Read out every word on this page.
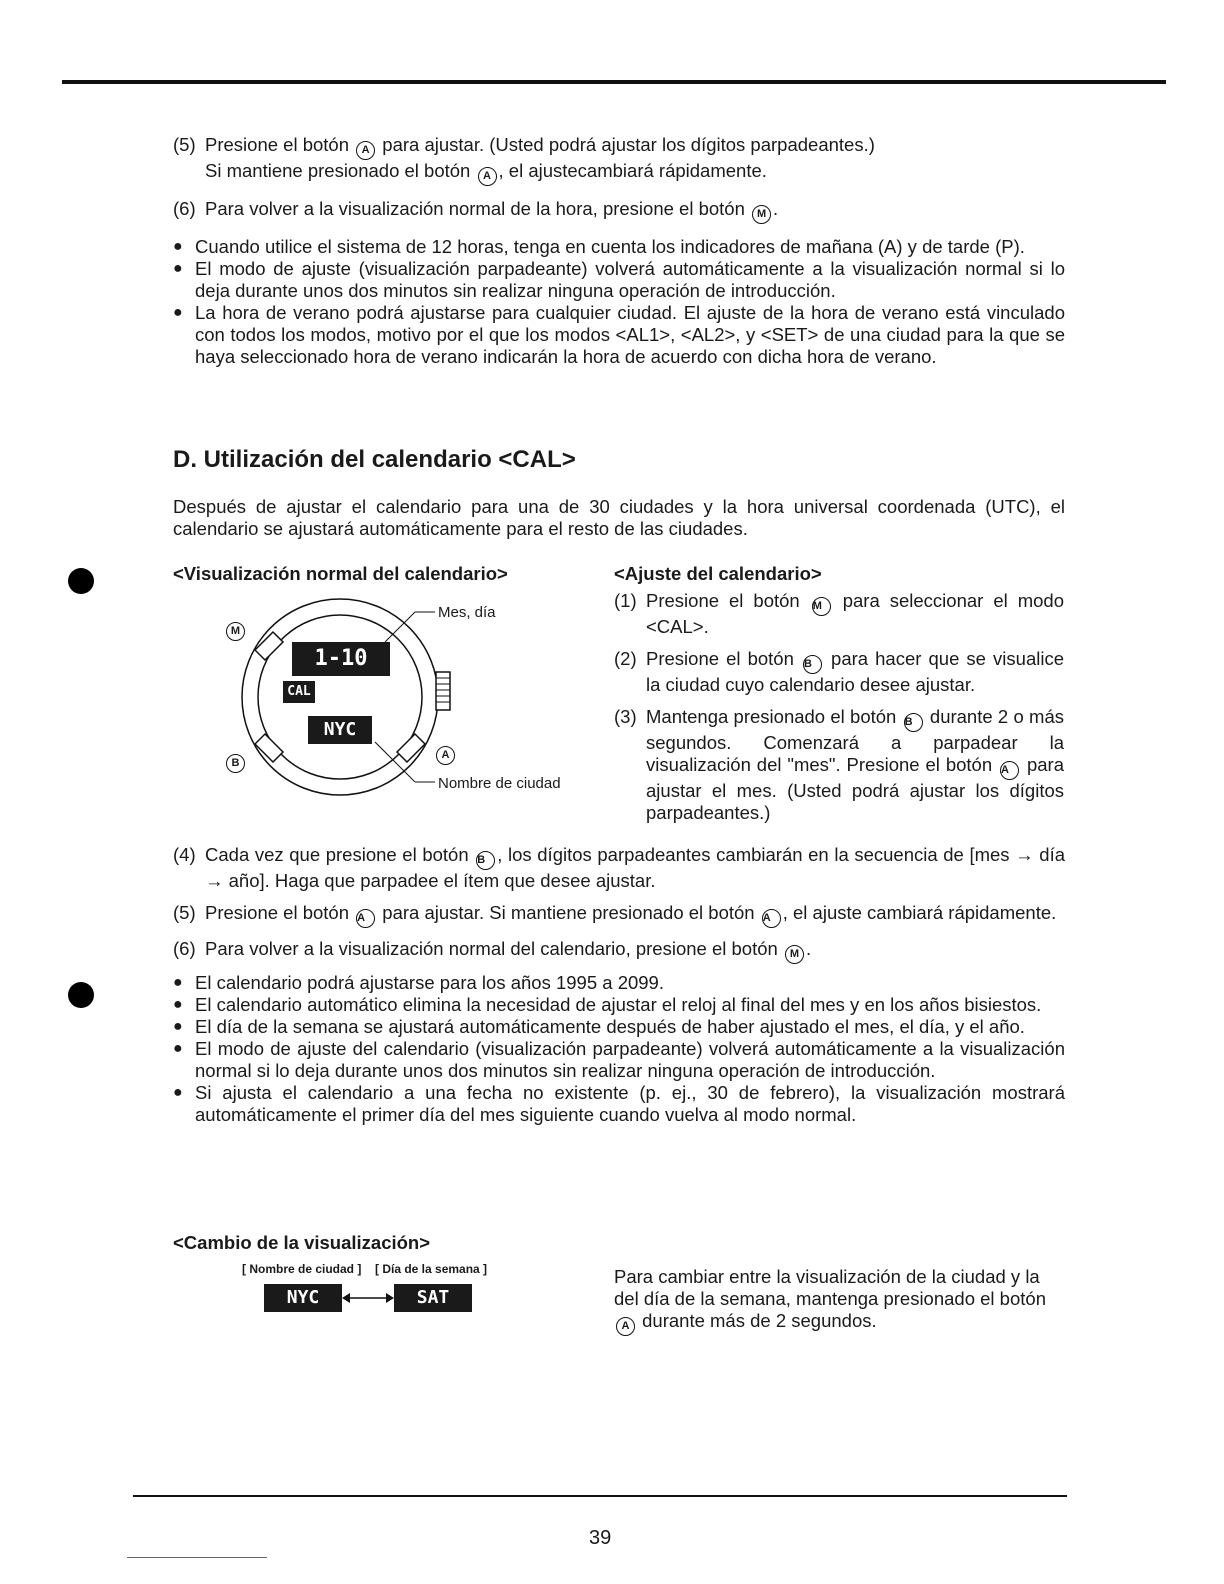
(5) Presione el botón A para ajustar. (Usted podrá ajustar los dígitos parpadeantes.)
Si mantiene presionado el botón A , el ajustecambiará rápidamente.
(6) Para volver a la visualización normal de la hora, presione el botón M .
● Cuando utilice el sistema de 12 horas, tenga en cuenta los indicadores de mañana (A) y de tarde (P).
● El modo de ajuste (visualización parpadeante) volverá automáticamente a la visualización normal si lo deja durante unos dos minutos sin realizar ninguna operación de introducción.
● La hora de verano podrá ajustarse para cualquier ciudad. El ajuste de la hora de verano está vinculado con todos los modos, motivo por el que los modos <AL1>, <AL2>, y <SET> de una ciudad para la que se haya seleccionado hora de verano indicarán la hora de acuerdo con dicha hora de verano.
D. Utilización del calendario <CAL>
Después de ajustar el calendario para una de 30 ciudades y la hora universal coordenada (UTC), el calendario se ajustará automáticamente para el resto de las ciudades.
<Visualización normal del calendario>
Mes, día
Nombre de ciudad
1-10
CAL
NYC
M
B
A
<Ajuste del calendario>
(1) Presione el botón M para seleccionar el modo <CAL>.
(2) Presione el botón B para hacer que se visualice la ciudad cuyo calendario desee ajustar.
(3) Mantenga presionado el botón B durante 2 o más segundos. Comenzará a parpadear la visualización del "mes". Presione el botón A para ajustar el mes. (Usted podrá ajustar los dígitos parpadeantes.)
(4) Cada vez que presione el botón B , los dígitos parpadeantes cambiarán en la secuencia de [mes → día → año]. Haga que parpadee el ítem que desee ajustar.
(5) Presione el botón A para ajustar. Si mantiene presionado el botón A , el ajuste cambiará rápidamente.
(6) Para volver a la visualización normal del calendario, presione el botón M .
● El calendario podrá ajustarse para los años 1995 a 2099.
● El calendario automático elimina la necesidad de ajustar el reloj al final del mes y en los años bisiestos.
● El día de la semana se ajustará automáticamente después de haber ajustado el mes, el día, y el año.
● El modo de ajuste del calendario (visualización parpadeante) volverá automáticamente a la visualización normal si lo deja durante unos dos minutos sin realizar ninguna operación de introducción.
● Si ajusta el calendario a una fecha no existente (p. ej., 30 de febrero), la visualización mostrará automáticamente el primer día del mes siguiente cuando vuelva al modo normal.
<Cambio de la visualización>
[ Nombre de ciudad ] [ Día de la semana ]
NYC	SAT
Para cambiar entre la visualización de la ciudad y la del día de la semana, mantenga presionado el botón A durante más de 2 segundos.
39
